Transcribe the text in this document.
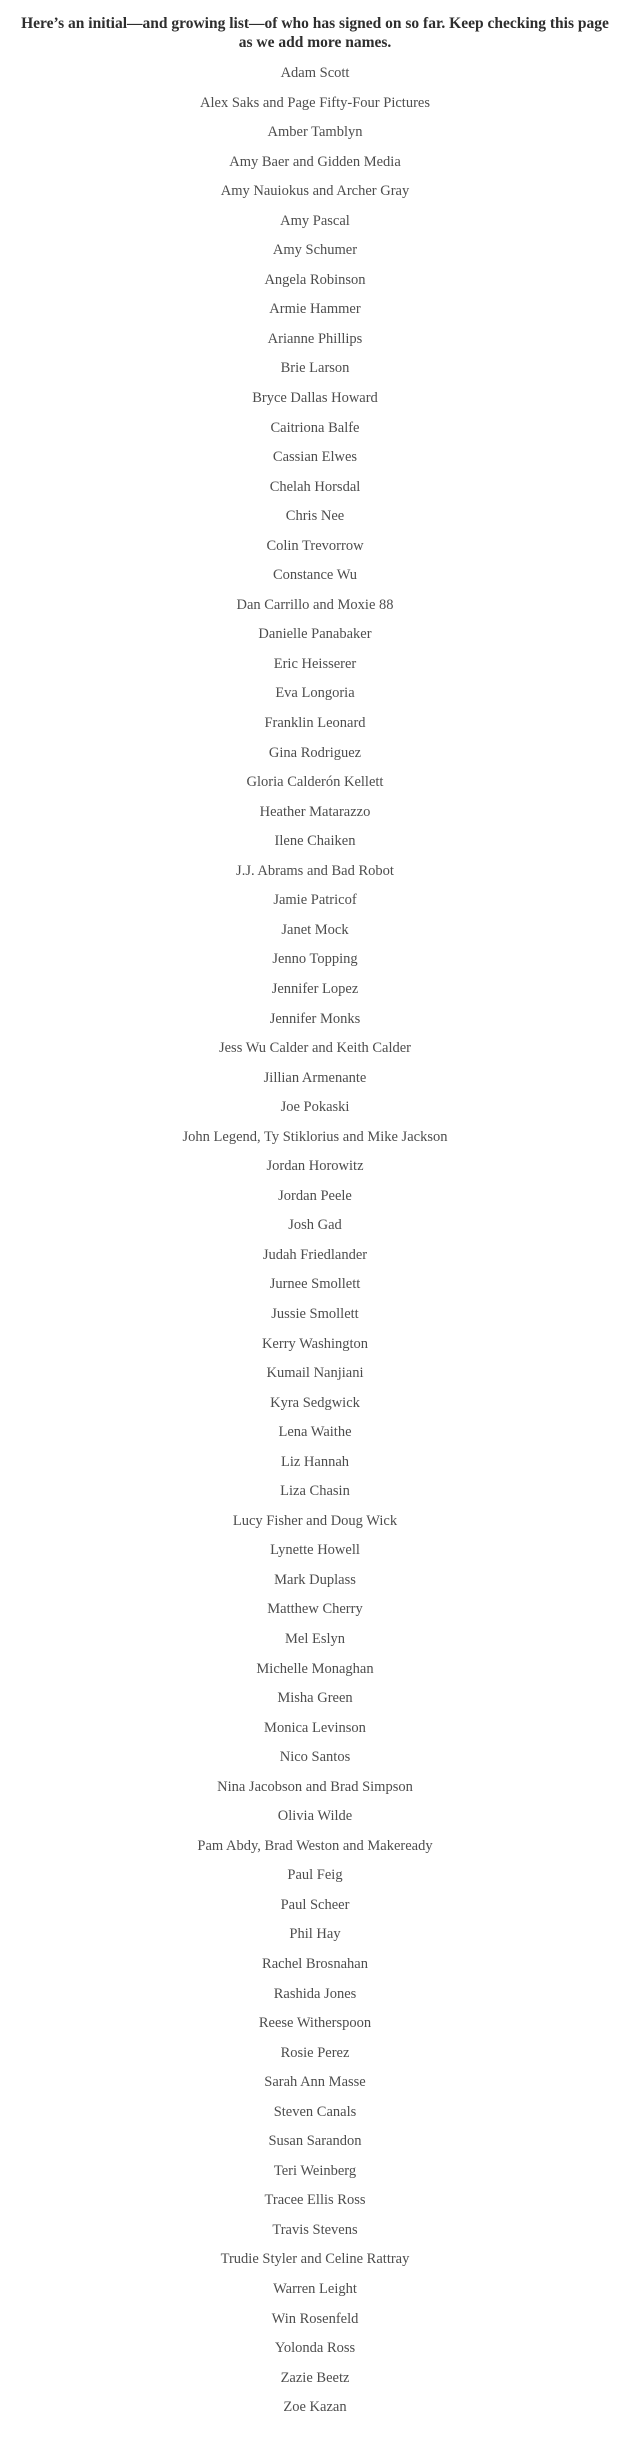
Here’s an initial—and growing list—of who has signed on so far. Keep checking this page as we add more names.

Adam Scott
Alex Saks and Page Fifty-Four Pictures
Amber Tamblyn
Amy Baer and Gidden Media
Amy Nauiokus and Archer Gray
Amy Pascal
Amy Schumer
Angela Robinson
Armie Hammer
Arianne Phillips
Brie Larson
Bryce Dallas Howard
Caitriona Balfe
Cassian Elwes
Chelah Horsdal
Chris Nee
Colin Trevorrow
Constance Wu
Dan Carrillo and Moxie 88
Danielle Panabaker
Eric Heisserer
Eva Longoria
Franklin Leonard
Gina Rodriguez
Gloria Calderón Kellett
Heather Matarazzo
Ilene Chaiken
J.J. Abrams and Bad Robot
Jamie Patricof
Janet Mock
Jenno Topping
Jennifer Lopez
Jennifer Monks
Jess Wu Calder and Keith Calder
Jillian Armenante
Joe Pokaski
John Legend, Ty Stiklorius and Mike Jackson
Jordan Horowitz
Jordan Peele
Josh Gad
Judah Friedlander
Jurnee Smollett
Jussie Smollett
Kerry Washington
Kumail Nanjiani
Kyra Sedgwick
Lena Waithe
Liz Hannah
Liza Chasin
Lucy Fisher and Doug Wick
Lynette Howell
Mark Duplass
Matthew Cherry
Mel Eslyn
Michelle Monaghan
Misha Green
Monica Levinson
Nico Santos
Nina Jacobson and Brad Simpson
Olivia Wilde
Pam Abdy, Brad Weston and Makeready
Paul Feig
Paul Scheer
Phil Hay
Rachel Brosnahan
Rashida Jones
Reese Witherspoon
Rosie Perez
Sarah Ann Masse
Steven Canals
Susan Sarandon
Teri Weinberg
Tracee Ellis Ross
Travis Stevens
Trudie Styler and Celine Rattray
Warren Leight
Win Rosenfeld
Yolonda Ross
Zazie Beetz
Zoe Kazan
